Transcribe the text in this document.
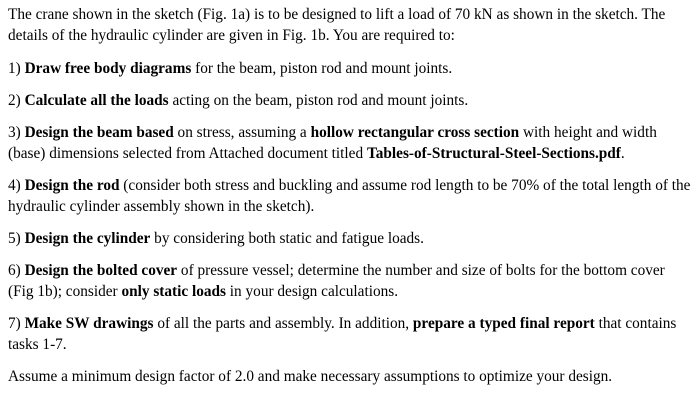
The crane shown in the sketch (Fig. 1a) is to be designed to lift a load of 70 kN as shown in the sketch. The details of the hydraulic cylinder are given in Fig. 1b. You are required to:

1) Draw free body diagrams for the beam, piston rod and mount joints.

2) Calculate all the loads acting on the beam, piston rod and mount joints.

3) Design the beam based on stress, assuming a hollow rectangular cross section with height and width (base) dimensions selected from Attached document titled Tables-of-Structural-Steel-Sections.pdf.

4) Design the rod (consider both stress and buckling and assume rod length to be 70% of the total length of the hydraulic cylinder assembly shown in the sketch).

5) Design the cylinder by considering both static and fatigue loads.

6) Design the bolted cover of pressure vessel; determine the number and size of bolts for the bottom cover (Fig 1b); consider only static loads in your design calculations.

7) Make SW drawings of all the parts and assembly. In addition, prepare a typed final report that contains tasks 1-7.

Assume a minimum design factor of 2.0 and make necessary assumptions to optimize your design.
